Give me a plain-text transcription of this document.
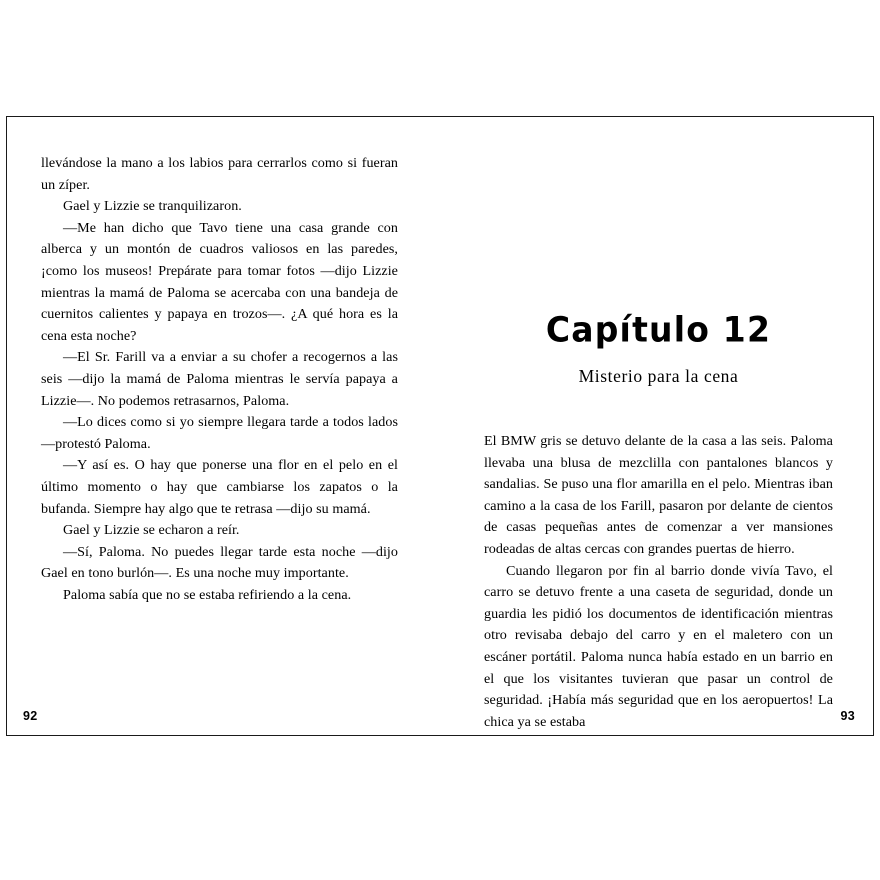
llevándose la mano a los labios para cerrarlos como si fueran un zíper.

Gael y Lizzie se tranquilizaron.

—Me han dicho que Tavo tiene una casa grande con alberca y un montón de cuadros valiosos en las paredes, ¡como los museos! Prepárate para tomar fotos —dijo Lizzie mientras la mamá de Paloma se acercaba con una bandeja de cuernitos calientes y papaya en trozos—. ¿A qué hora es la cena esta noche?

—El Sr. Farill va a enviar a su chofer a recogernos a las seis —dijo la mamá de Paloma mientras le servía papaya a Lizzie—. No podemos retrasarnos, Paloma.

—Lo dices como si yo siempre llegara tarde a todos lados —protestó Paloma.

—Y así es. O hay que ponerse una flor en el pelo en el último momento o hay que cambiarse los zapatos o la bufanda. Siempre hay algo que te retrasa —dijo su mamá.

Gael y Lizzie se echaron a reír.

—Sí, Paloma. No puedes llegar tarde esta noche —dijo Gael en tono burlón—. Es una noche muy importante.

Paloma sabía que no se estaba refiriendo a la cena.

92
Capítulo 12
Misterio para la cena

El BMW gris se detuvo delante de la casa a las seis. Paloma llevaba una blusa de mezclilla con pantalones blancos y sandalias. Se puso una flor amarilla en el pelo. Mientras iban camino a la casa de los Farill, pasaron por delante de cientos de casas pequeñas antes de comenzar a ver mansiones rodeadas de altas cercas con grandes puertas de hierro.

Cuando llegaron por fin al barrio donde vivía Tavo, el carro se detuvo frente a una caseta de seguridad, donde un guardia les pidió los documentos de identificación mientras otro revisaba debajo del carro y en el maletero con un escáner portátil. Paloma nunca había estado en un barrio en el que los visitantes tuvieran que pasar un control de seguridad. ¡Había más seguridad que en los aeropuertos! La chica ya se estaba	93
